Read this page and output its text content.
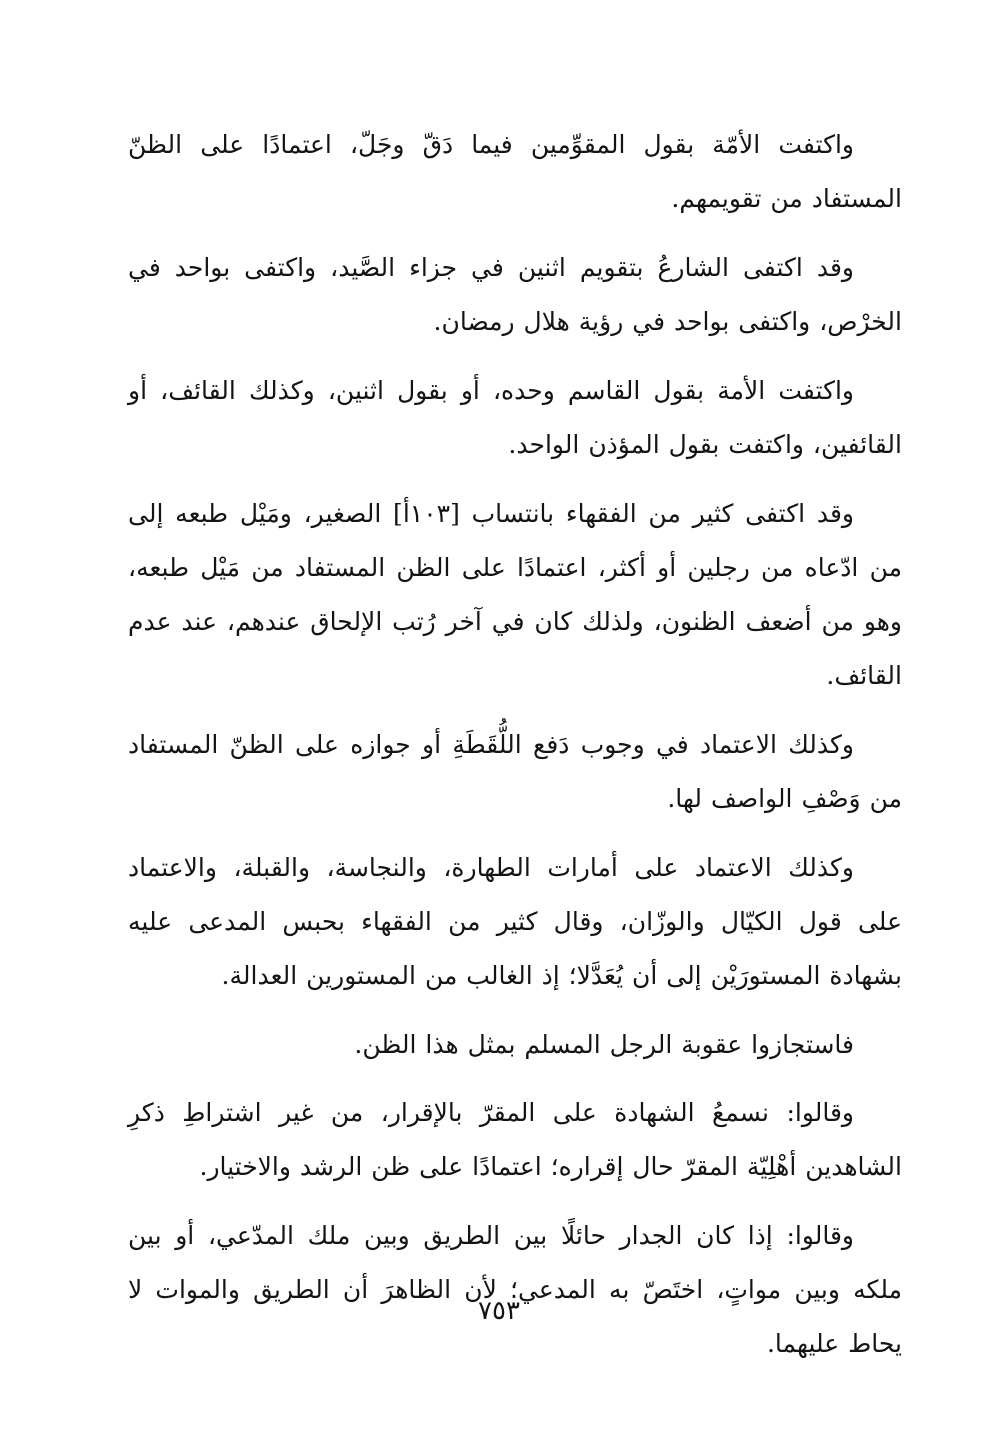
واكتفت الأمّة بقول المقوِّمين فيما دَقّ وجَلّ، اعتمادًا على الظنّ المستفاد من تقويمهم.

وقد اكتفى الشارعُ بتقويم اثنين في جزاء الصَّيد، واكتفى بواحد في الخرْص، واكتفى بواحد في رؤية هلال رمضان.

واكتفت الأمة بقول القاسم وحده، أو بقول اثنين، وكذلك القائف، أو القائفين، واكتفت بقول المؤذن الواحد.

وقد اكتفى كثير من الفقهاء بانتساب [١٠٣أ] الصغير، ومَيْل طبعه إلى من ادّعاه من رجلين أو أكثر، اعتمادًا على الظن المستفاد من مَيْل طبعه، وهو من أضعف الظنون، ولذلك كان في آخر رُتب الإلحاق عندهم، عند عدم القائف.

وكذلك الاعتماد في وجوب دَفع اللُّقَطَةِ أو جوازه على الظنّ المستفاد من وَصْفِ الواصف لها.

وكذلك الاعتماد على أمارات الطهارة، والنجاسة، والقبلة، والاعتماد على قول الكيّال والوزّان، وقال كثير من الفقهاء بحبس المدعى عليه بشهادة المستورَيْن إلى أن يُعَدَّلا؛ إذ الغالب من المستورين العدالة.

فاستجازوا عقوبة الرجل المسلم بمثل هذا الظن.

وقالوا: نسمعُ الشهادة على المقرّ بالإقرار، من غير اشتراطِ ذكرِ الشاهدين أهْلِيّة المقرّ حال إقراره؛ اعتمادًا على ظن الرشد والاختيار.

وقالوا: إذا كان الجدار حائلًا بين الطريق وبين ملك المدّعي، أو بين ملكه وبين مواتٍ، اختَصّ به المدعي؛ لأن الظاهرَ أن الطريق والموات لا يحاط عليهما.

٧٥٣
